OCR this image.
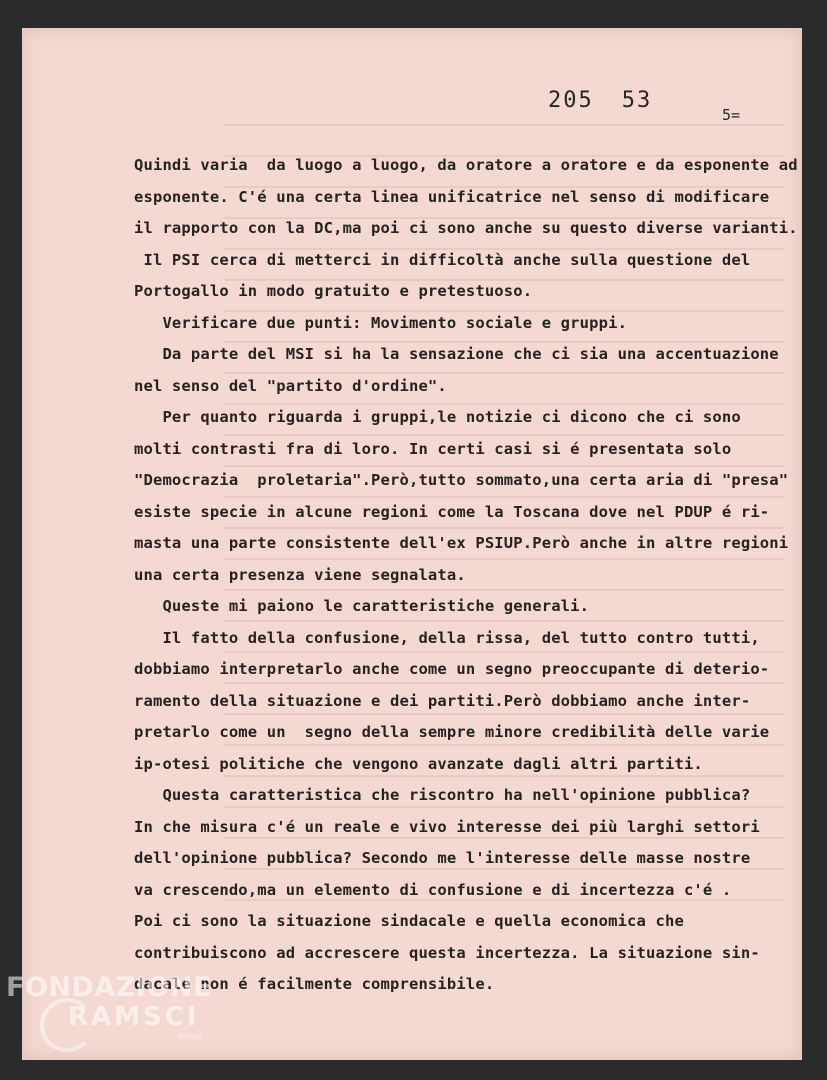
205 53
5=
Quindi varia  da luogo a luogo, da oratore a oratore e da esponente ad
esponente. C'é una certa linea unificatrice nel senso di modificare
il rapporto con la DC,ma poi ci sono anche su questo diverse varianti.
Il PSI cerca di metterci in difficoltà anche sulla questione del
Portogallo in modo gratuito e pretestuoso.
Verificare due punti: Movimento sociale e gruppi.
Da parte del MSI si ha la sensazione che ci sia una accentuazione
nel senso del "partito d'ordine".
Per quanto riguarda i gruppi,le notizie ci dicono che ci sono
molti contrasti fra di loro. In certi casi si é presentata solo
"Democrazia  proletaria".Però,tutto sommato,una certa aria di "presa"
esiste specie in alcune regioni come la Toscana dove nel PDUP é ri-
masta una parte consistente dell'ex PSIUP.Però anche in altre regioni
una certa presenza viene segnalata.
Queste mi paiono le caratteristiche generali.
Il fatto della confusione, della rissa, del tutto contro tutti,
dobbiamo interpretarlo anche come un segno preoccupante di deterio-
ramento della situazione e dei partiti.Però dobbiamo anche inter-
pretarlo come un  segno della sempre minore credibilità delle varie
ip-otesi politiche che vengono avanzate dagli altri partiti.
Questa caratteristica che riscontro ha nell'opinione pubblica?
In che misura c'é un reale e vivo interesse dei più larghi settori
dell'opinione pubblica? Secondo me l'interesse delle masse nostre
va crescendo,ma un elemento di confusione e di incertezza c'é .
Poi ci sono la situazione sindacale e quella economica che
contribuiscono ad accrescere questa incertezza. La situazione sin-
dacale non é facilmente comprensibile.
FONDAZIONE
RAMSCI
onlus
